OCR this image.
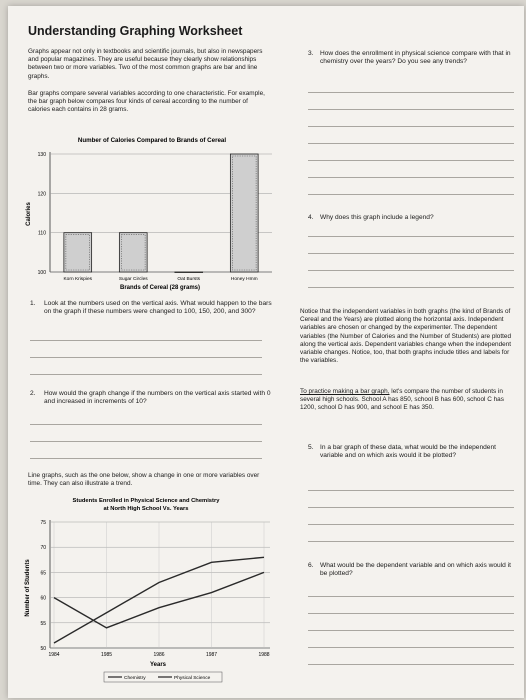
Understanding Graphing Worksheet
Graphs appear not only in textbooks and scientific journals, but also in newspapers and popular magazines. They are useful because they clearly show relationships between two or more variables. Two of the most common graphs are bar and line graphs.
Bar graphs compare several variables according to one characteristic. For example, the bar graph below compares four kinds of cereal according to the number of calories each contains in 28 grams.
Number of Calories Compared to Brands of Cereal
100
110
120
130
Korn Krispies	Sugar Circles	Oat Bursts	Honey Hmm
Calories
Brands of Cereal (28 grams)
1. Look at the numbers used on the vertical axis. What would happen to the bars on the graph if these numbers were changed to 100, 150, 200, and 300?
2. How would the graph change if the numbers on the vertical axis started with 0 and increased in increments of 10?
Line graphs, such as the one below, show a change in one or more variables over time. They can also illustrate a trend.
Students Enrolled in Physical Science and Chemistry
at North High School Vs. Years
50
55
60
65
70
75
1984	1985	1986	1987	1988
Number of Students
Years
Chemistry	Physical Science
3. How does the enrollment in physical science compare with that in chemistry over the years? Do you see any trends?
4. Why does this graph include a legend?
Notice that the independent variables in both graphs (the kind of Brands of Cereal and the Years) are plotted along the horizontal axis. Independent variables are chosen or changed by the experimenter. The dependent variables (the Number of Calories and the Number of Students) are plotted along the vertical axis. Dependent variables change when the independent variable changes. Notice, too, that both graphs include titles and labels for the variables.
To practice making a bar graph, let's compare the number of students in several high schools. School A has 850, school B has 600, school C has 1200, school D has 900, and school E has 350.
5. In a bar graph of these data, what would be the independent variable and on which axis would it be plotted?
6. What would be the dependent variable and on which axis would it be plotted?
